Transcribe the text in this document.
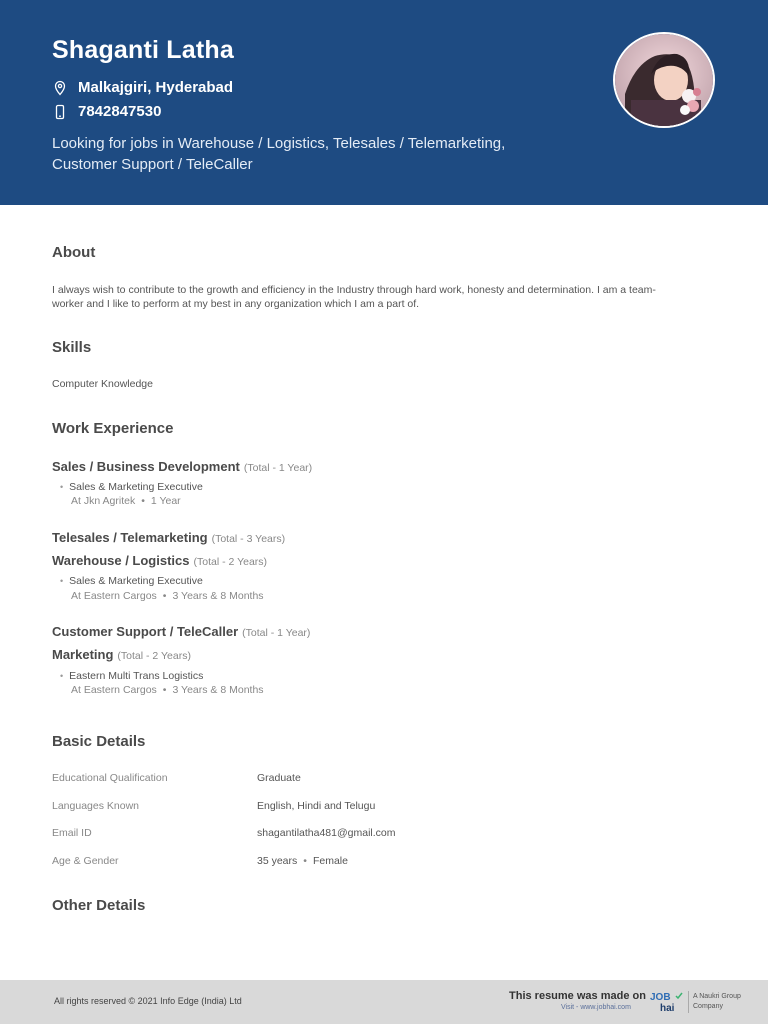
Shaganti Latha
Malkajgiri, Hyderabad
7842847530
Looking for jobs in Warehouse / Logistics, Telesales / Telemarketing,
Customer Support / TeleCaller
About
I always wish to contribute to the growth and efficiency in the Industry through hard work, honesty and determination. I am a team-
worker and I like to perform at my best in any organization which I am a part of.
Skills
Computer Knowledge
Work Experience
Sales / Business Development (Total - 1 Year)
• Sales & Marketing Executive
At Jkn Agritek • 1 Year
Telesales / Telemarketing (Total - 3 Years)
Warehouse / Logistics (Total - 2 Years)
• Sales & Marketing Executive
At Eastern Cargos • 3 Years & 8 Months
Customer Support / TeleCaller (Total - 1 Year)
Marketing (Total - 2 Years)
• Eastern Multi Trans Logistics
At Eastern Cargos • 3 Years & 8 Months
Basic Details
Educational Qualification	Graduate
Languages Known	English, Hindi and Telugu
Email ID	shagantilatha481@gmail.com
Age & Gender	35 years • Female
Other Details
All rights reserved © 2021 Info Edge (India) Ltd	This resume was made on
Visit - www.jobhai.com
JOB
hai
A Naukri Group
Company
